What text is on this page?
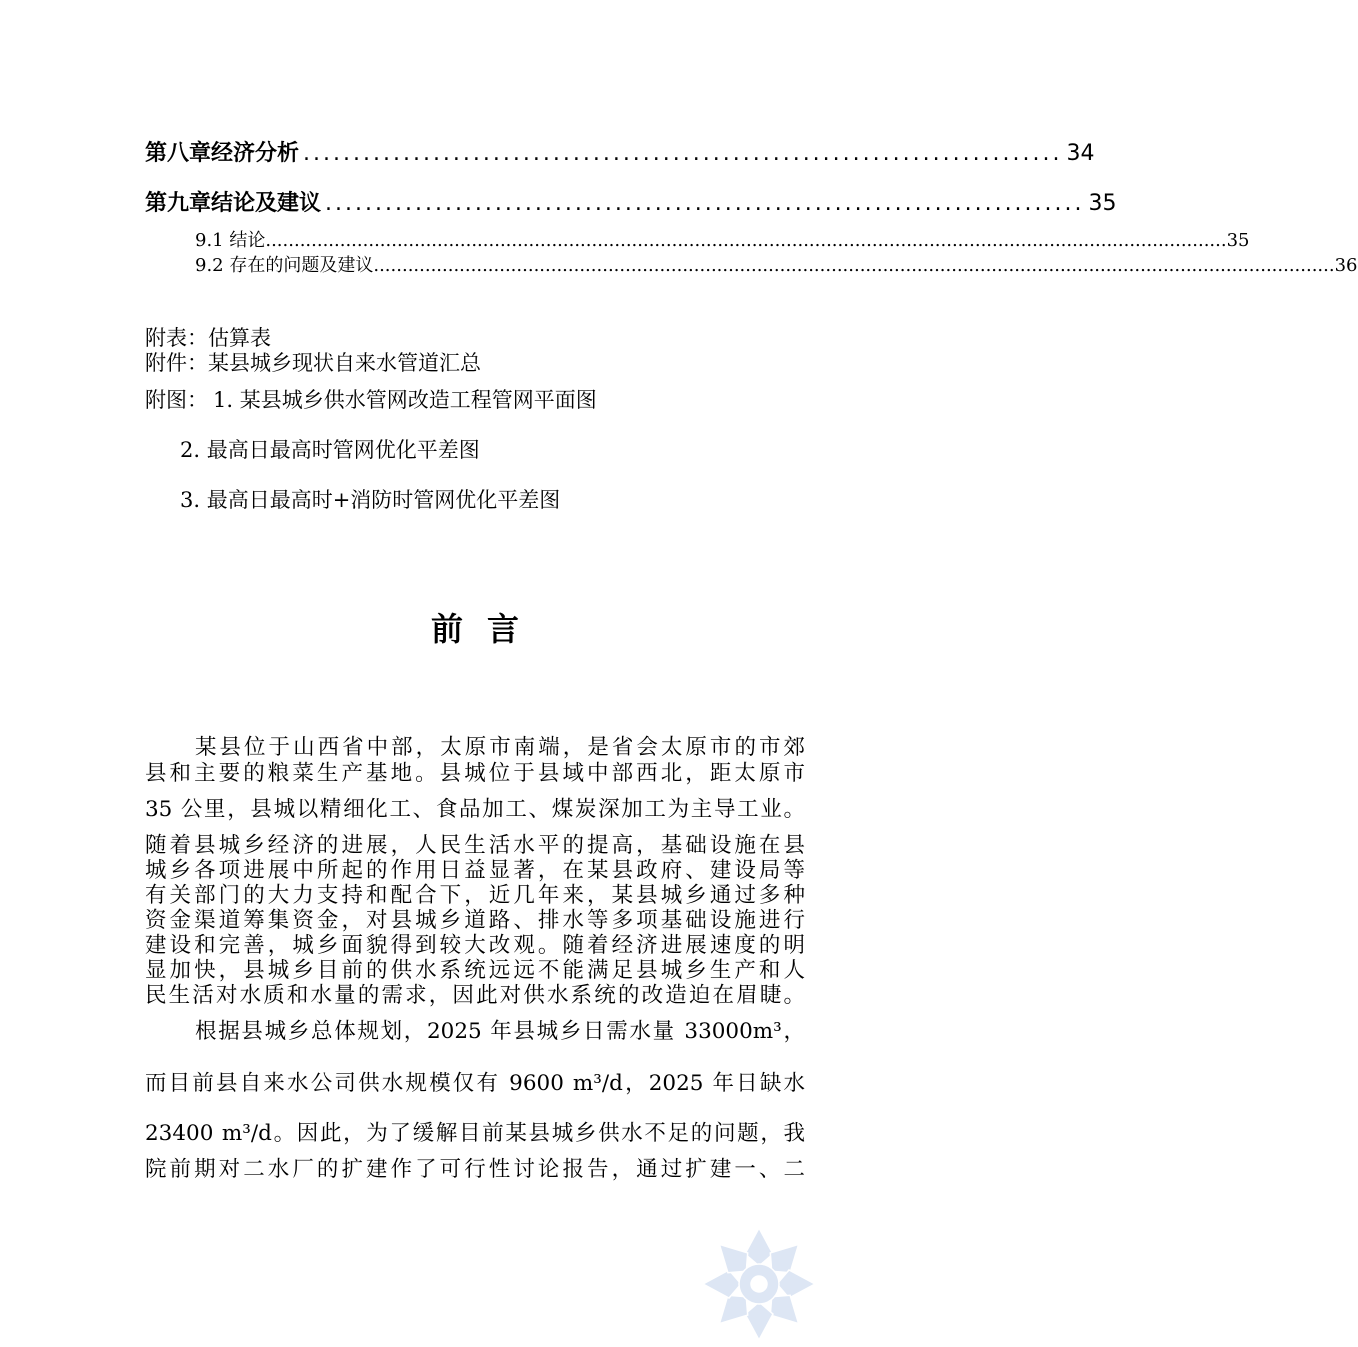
第八章 经济分析 ............................................................................ 34
第九章 结论及建议 ............................................................................ 35
9.1 结论 ........................................................................................................................................................................ 35
9.2 存在的问题及建议 ........................................................................................................................................................................ 36
附表：估算表
附件：某县城乡现状自来水管道汇总
附图： 1. 某县城乡供水管网改造工程管网平面图
2. 最高日最高时管网优化平差图
3. 最高日最高时+消防时管网优化平差图
前言
某县位于山西省中部，太原市南端，是省会太原市的市郊
县和主要的粮菜生产基地。县城位于县域中部西北，距太原市
35 公里，县城以精细化工、食品加工、煤炭深加工为主导工业。
随着县城乡经济的进展，人民生活水平的提高，基础设施在县
城乡各项进展中所起的作用日益显著，在某县政府、建设局等
有关部门的大力支持和配合下，近几年来，某县城乡通过多种
资金渠道筹集资金，对县城乡道路、排水等多项基础设施进行
建设和完善，城乡面貌得到较大改观。随着经济进展速度的明
显加快，县城乡目前的供水系统远远不能满足县城乡生产和人
民生活对水质和水量的需求，因此对供水系统的改造迫在眉睫。
根据县城乡总体规划，2025 年县城乡日需水量 33000m³，
而目前县自来水公司供水规模仅有 9600 m³/d，2025 年日缺水
23400 m³/d。因此，为了缓解目前某县城乡供水不足的问题，我
院前期对二水厂的扩建作了可行性讨论报告，通过扩建一、二
